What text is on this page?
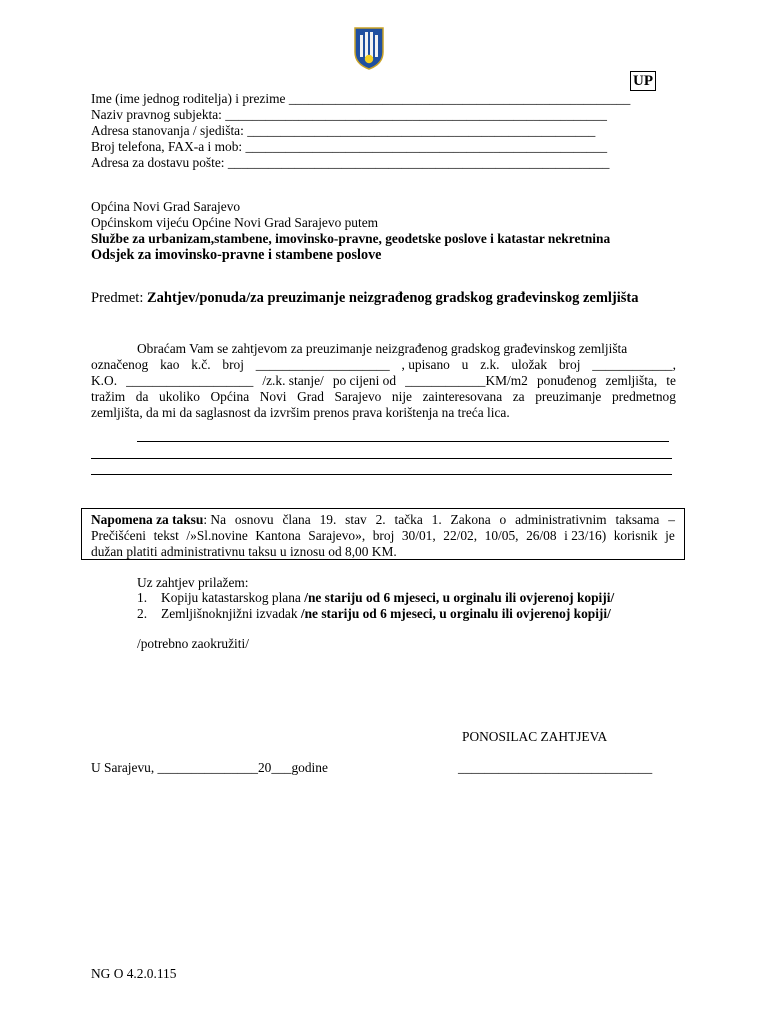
UP
Ime (ime jednog roditelja) i prezime ___________________________________________________
Naziv pravnog subjekta: _________________________________________________________
Adresa stanovanja / sjedišta: ____________________________________________________
Broj telefona, FAX-a i mob: ______________________________________________________
Adresa za dostavu pošte: _________________________________________________________
Općina Novi Grad Sarajevo
Općinskom vijeću Općine Novi Grad Sarajevo putem
Službe za urbanizam,stambene, imovinsko-pravne, geodetske poslove i katastar nekretnina
Odsjek za imovinsko-pravne i stambene poslove
Predmet: Zahtjev/ponuda/za preuzimanje neizgrađenog gradskog građevinskog zemljišta
Obraćam Vam se zahtjevom za preuzimanje neizgrađenog gradskog građevinskog zemljišta
označenog kao k.č. broj ____________________ , upisano u z.k. uložak broj ____________,
K.O. ___________________ /z.k. stanje/ po cijeni od ____________KM/m2 ponuđenog zemljišta, te
tražim da ukoliko Općina Novi Grad Sarajevo nije zainteresovana za preuzimanje predmetnog
zemljišta, da mi da saglasnost da izvršim prenos prava korištenja na treća lica.
Napomena za taksu: Na osnovu člana 19. stav 2. tačka 1. Zakona o administrativnim taksama –
Prečišćeni tekst /»Sl.novine Kantona Sarajevo», broj 30/01, 22/02, 10/05, 26/08 i 23/16) korisnik je
dužan platiti administrativnu taksu u iznosu od 8,00 KM.
Uz zahtjev prilažem:
1. Kopiju katastarskog plana /ne stariju od 6 mjeseci, u orginalu ili ovjerenoj kopiji/
2. Zemljišnoknjižni izvadak /ne stariju od 6 mjeseci, u orginalu ili ovjerenoj kopiji/
/potrebno zaokružiti/
PONOSILAC ZAHTJEVA
U Sarajevu, _______________20___godine	_____________________________
NG O 4.2.0.115
